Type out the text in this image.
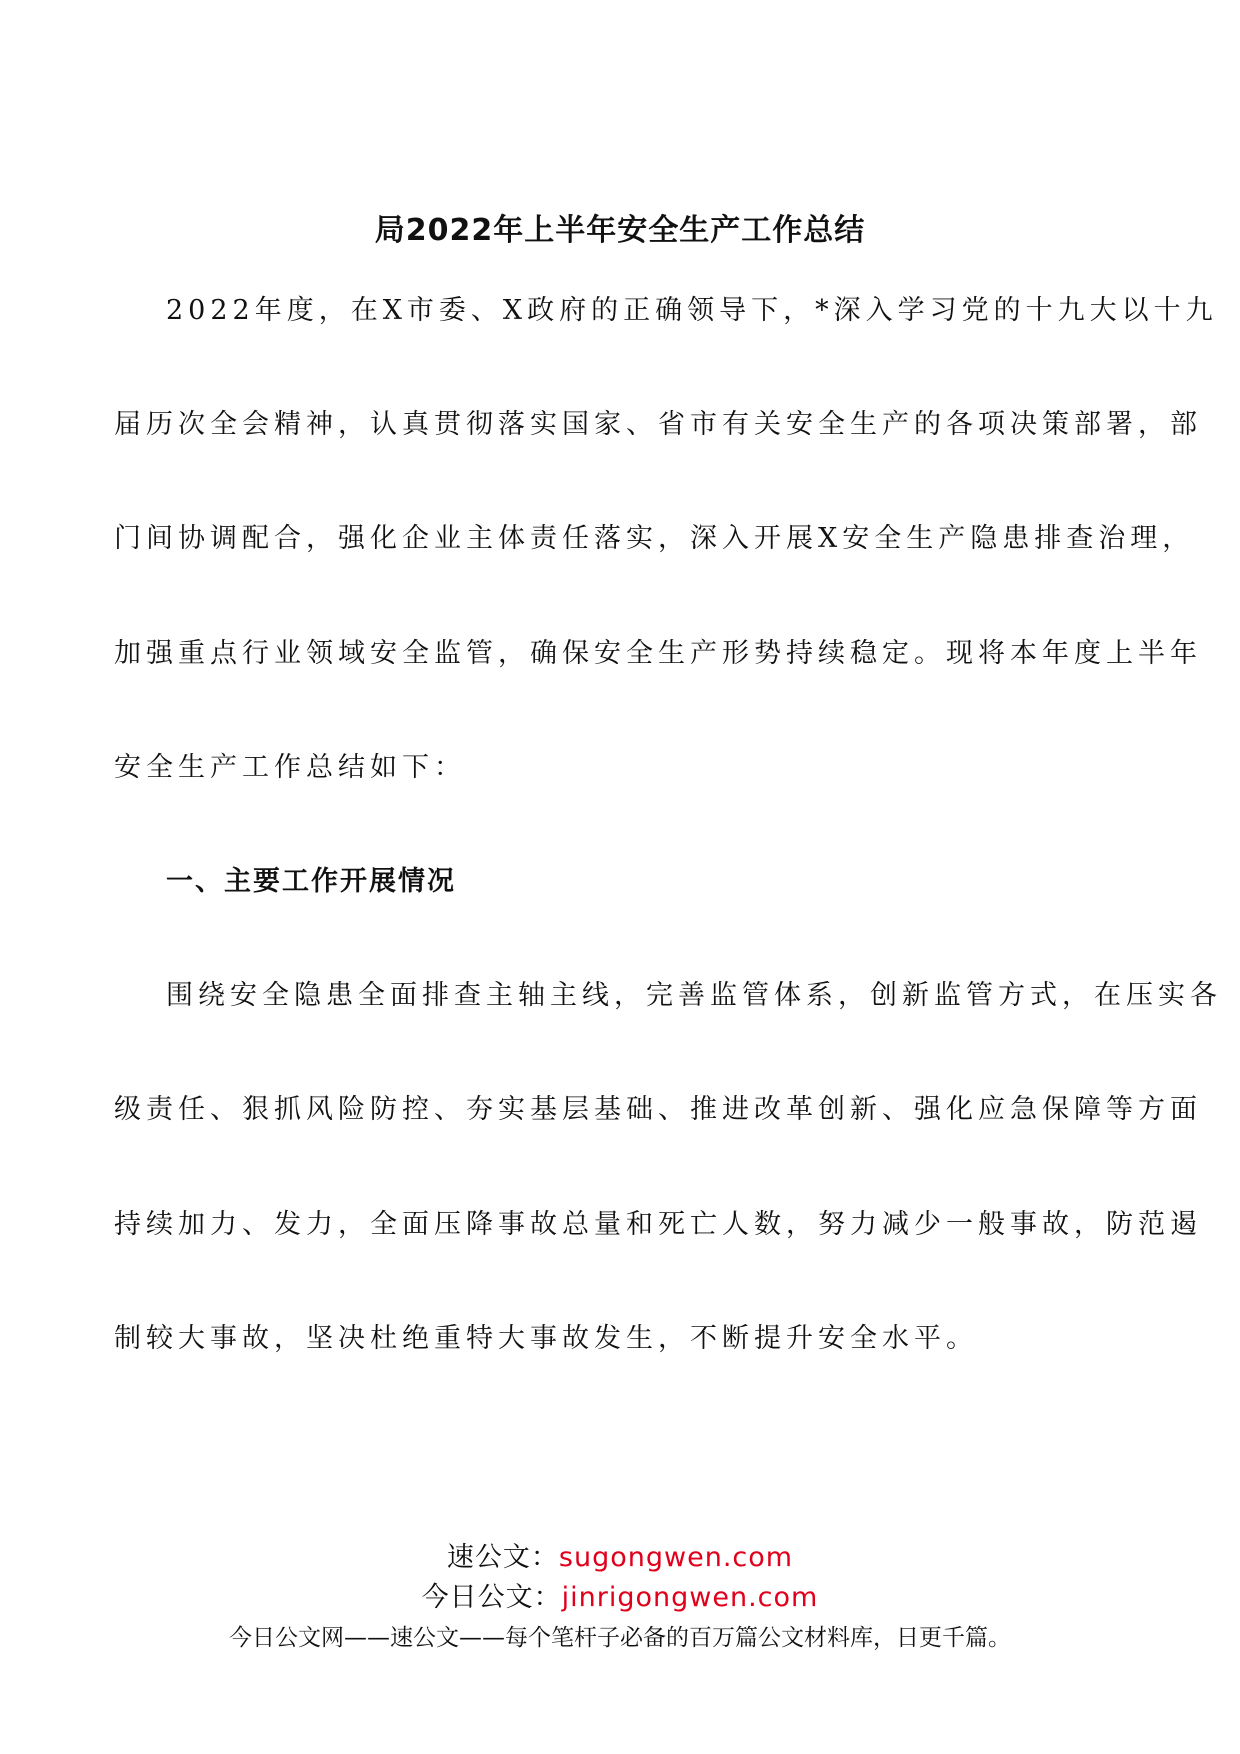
局2022年上半年安全生产工作总结
2022年度，在X市委、X政府的正确领导下，*深入学习党的十九大以十九
届历次全会精神，认真贯彻落实国家、省市有关安全生产的各项决策部署，部
门间协调配合，强化企业主体责任落实，深入开展X安全生产隐患排查治理，
加强重点行业领域安全监管，确保安全生产形势持续稳定。现将本年度上半年
安全生产工作总结如下：
一、主要工作开展情况
围绕安全隐患全面排查主轴主线，完善监管体系，创新监管方式，在压实各
级责任、狠抓风险防控、夯实基层基础、推进改革创新、强化应急保障等方面
持续加力、发力，全面压降事故总量和死亡人数，努力减少一般事故，防范遏
制较大事故，坚决杜绝重特大事故发生，不断提升安全水平。
速公文：sugongwen.com
今日公文：jinrigongwen.com
今日公文网——速公文——每个笔杆子必备的百万篇公文材料库，日更千篇。
